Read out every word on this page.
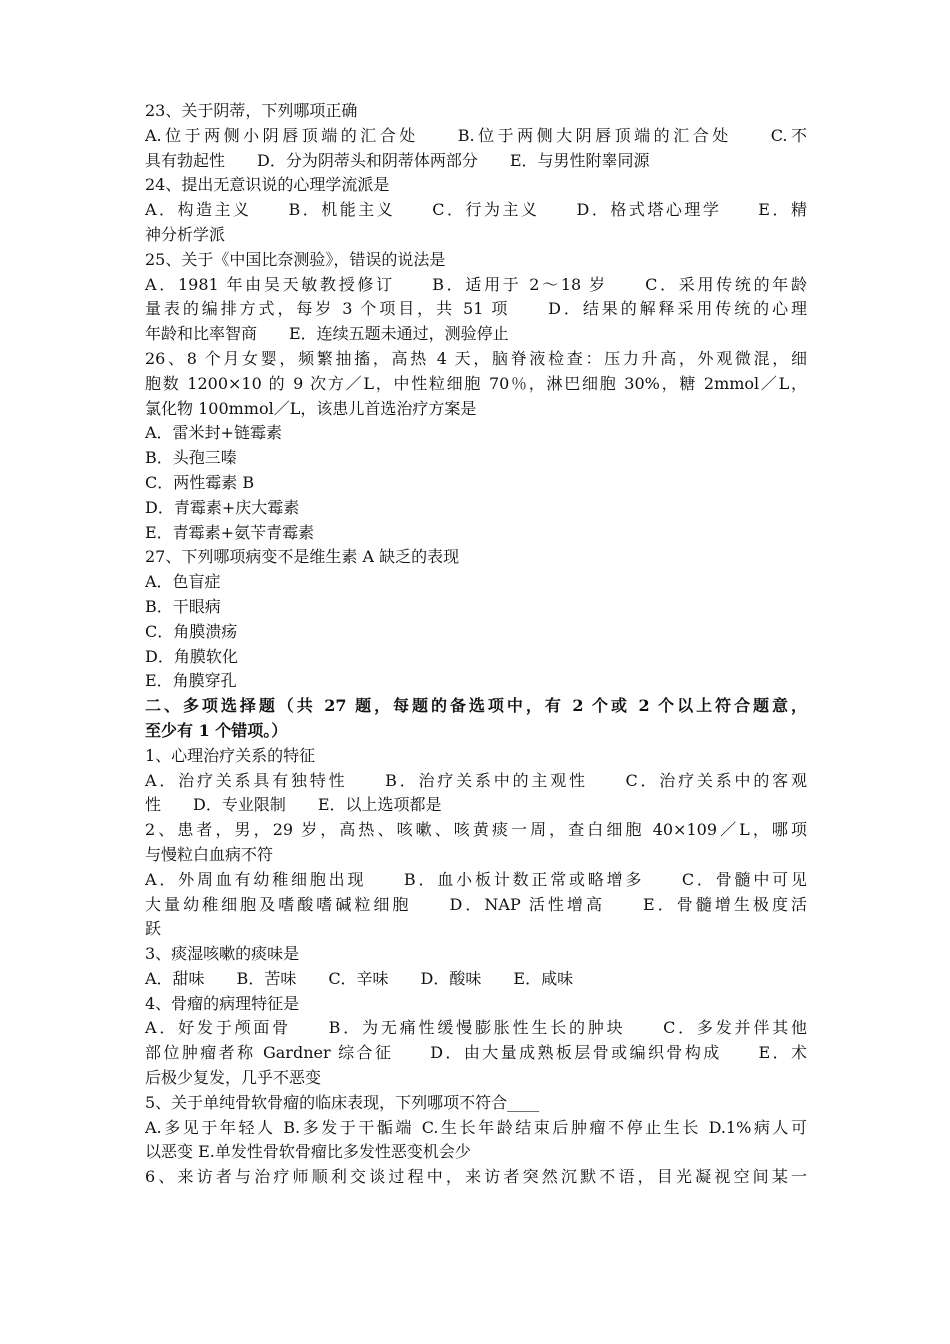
23、关于阴蒂，下列哪项正确
A.位于两侧小阴唇顶端的汇合处　　B.位于两侧大阴唇顶端的汇合处　　C.不
具有勃起性　　D．分为阴蒂头和阴蒂体两部分　　E．与男性附睾同源
24、提出无意识说的心理学流派是
A．构造主义　　B．机能主义　　C．行为主义　　D．格式塔心理学　　E．精
神分析学派
25、关于《中国比奈测验》，错误的说法是
A．1981 年由吴天敏教授修订　　B．适用于 2～18 岁　　C．采用传统的年龄
量表的编排方式，每岁 3 个项目，共 51 项　　D．结果的解释采用传统的心理
年龄和比率智商　　E．连续五题未通过，测验停止
26、8 个月女婴，频繁抽搐，高热 4 天，脑脊液检查：压力升高，外观微混，细
胞数 1200×10 的 9 次方／L，中性粒细胞 70％，淋巴细胞 30%，糖 2mmol／L，
氯化物 100mmol／L，该患儿首选治疗方案是
A．雷米封+链霉素
B．头孢三嗪
C．两性霉素 B
D．青霉素+庆大霉素
E．青霉素+氨苄青霉素
27、下列哪项病变不是维生素 A 缺乏的表现
A．色盲症
B．干眼病
C．角膜溃疡
D．角膜软化
E．角膜穿孔
二、多项选择题（共 27 题，每题的备选项中，有 2 个或 2 个以上符合题意，
至少有 1 个错项。）
1、心理治疗关系的特征
A．治疗关系具有独特性　　B．治疗关系中的主观性　　C．治疗关系中的客观
性　　D．专业限制　　E．以上选项都是
2、患者，男，29 岁，高热、咳嗽、咳黄痰一周，查白细胞 40×109／L，哪项
与慢粒白血病不符
A．外周血有幼稚细胞出现　　B．血小板计数正常或略增多　　C．骨髓中可见
大量幼稚细胞及嗜酸嗜碱粒细胞　　D．NAP 活性增高　　E．骨髓增生极度活
跃
3、痰湿咳嗽的痰味是
A．甜味　　B．苦味　　C．辛味　　D．酸味　　E．咸味
4、骨瘤的病理特征是
A．好发于颅面骨　　B．为无痛性缓慢膨胀性生长的肿块　　C．多发并伴其他
部位肿瘤者称 Gardner 综合征　　D．由大量成熟板层骨或编织骨构成　　E．术
后极少复发，几乎不恶变
5、关于单纯骨软骨瘤的临床表现，下列哪项不符合____
A.多见于年轻人 B.多发于干骺端 C.生长年龄结束后肿瘤不停止生长 D.1%病人可
以恶变 E.单发性骨软骨瘤比多发性恶变机会少
6、来访者与治疗师顺利交谈过程中，来访者突然沉默不语，目光凝视空间某一
